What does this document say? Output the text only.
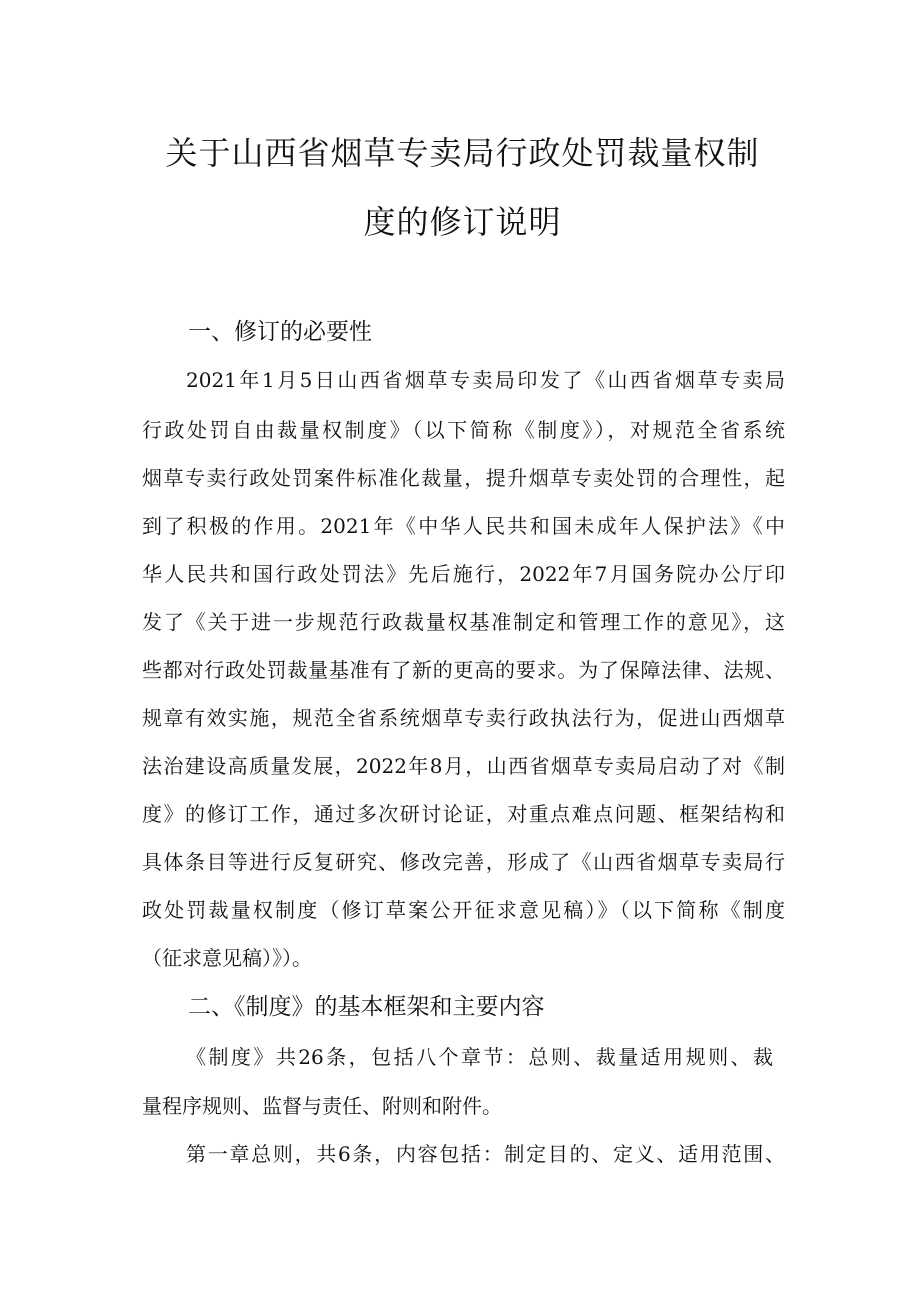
关于山西省烟草专卖局行政处罚裁量权制
度的修订说明
一、修订的必要性
2021年1月5日山西省烟草专卖局印发了《山西省烟草专卖局
行政处罚自由裁量权制度》（以下简称《制度》），对规范全省系统
烟草专卖行政处罚案件标准化裁量，提升烟草专卖处罚的合理性，起
到了积极的作用。2021年《中华人民共和国未成年人保护法》《中
华人民共和国行政处罚法》先后施行，2022年7月国务院办公厅印
发了《关于进一步规范行政裁量权基准制定和管理工作的意见》，这
些都对行政处罚裁量基准有了新的更高的要求。为了保障法律、法规、
规章有效实施，规范全省系统烟草专卖行政执法行为，促进山西烟草
法治建设高质量发展，2022年8月，山西省烟草专卖局启动了对《制
度》的修订工作，通过多次研讨论证，对重点难点问题、框架结构和
具体条目等进行反复研究、修改完善，形成了《山西省烟草专卖局行
政处罚裁量权制度（修订草案公开征求意见稿）》（以下简称《制度
（征求意见稿）》）。
二、《制度》的基本框架和主要内容
《制度》共26条，包括八个章节：总则、裁量适用规则、裁
量程序规则、监督与责任、附则和附件。
第一章总则，共6条，内容包括：制定目的、定义、适用范围、
